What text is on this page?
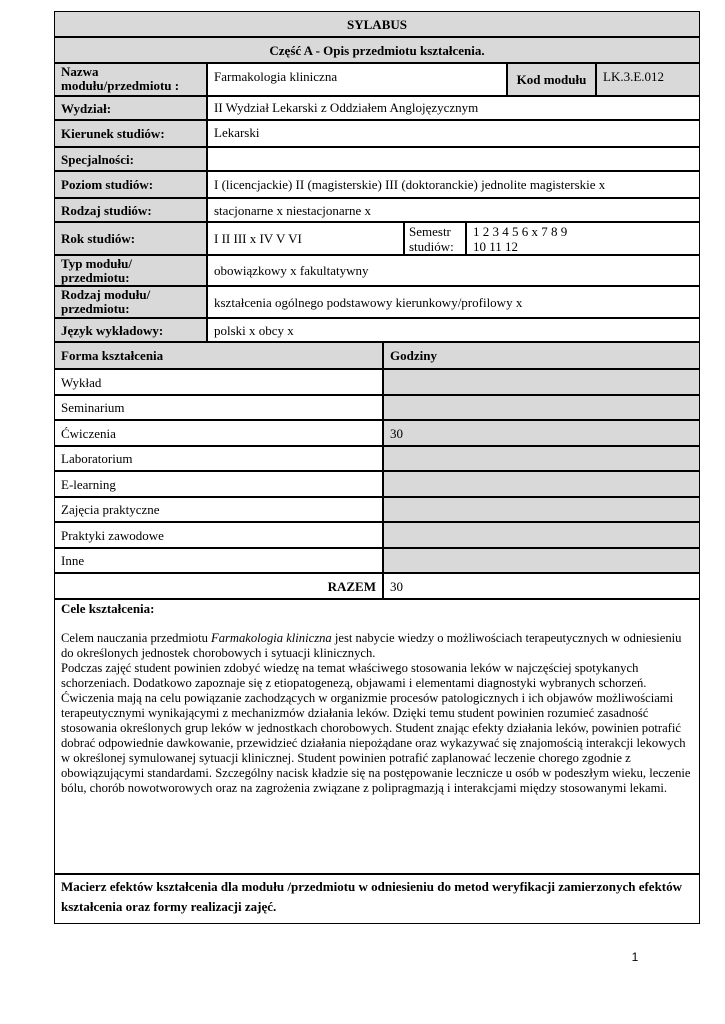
SYLABUS
Część A - Opis przedmiotu kształcenia.
Nazwa modułu/przedmiotu :
Farmakologia kliniczna	Kod modułu	LK.3.E.012
Wydział:	II Wydział Lekarski z Oddziałem Anglojęzycznym
Kierunek studiów:	Lekarski
Specjalności:
Poziom studiów:	I (licencjackie) II (magisterskie) III (doktoranckie) jednolite magisterskie x
Rodzaj studiów:	stacjonarne x niestacjonarne x
Rok studiów:	I II III x IV V VI	Semestr studiów:
1 2 3 4 5 6 x 7 8 9
10 11 12
Typ modułu/ przedmiotu:	obowiązkowy x fakultatywny
Rodzaj modułu/ przedmiotu:	kształcenia ogólnego podstawowy kierunkowy/profilowy x
Język wykładowy:	polski x obcy x
Forma kształcenia	Godziny
Wykład
Seminarium
Ćwiczenia	30
Laboratorium
E-learning
Zajęcia praktyczne
Praktyki zawodowe
Inne
RAZEM	30

Cele kształcenia:

Celem nauczania przedmiotu Farmakologia kliniczna jest nabycie wiedzy o możliwościach terapeutycznych w odniesieniu do określonych jednostek chorobowych i sytuacji klinicznych.

Podczas zajęć student powinien zdobyć wiedzę na temat właściwego stosowania leków w najczęściej spotykanych schorzeniach. Dodatkowo zapoznaje się z etiopatogenezą, objawami i elementami diagnostyki wybranych schorzeń. Ćwiczenia mają na celu powiązanie zachodzących w organizmie procesów patologicznych i ich objawów możliwościami terapeutycznymi wynikającymi z mechanizmów działania leków. Dzięki temu student powinien rozumieć zasadność stosowania określonych grup leków w jednostkach chorobowych. Student znając efekty działania leków, powinien potrafić dobrać odpowiednie dawkowanie, przewidzieć działania niepożądane oraz wykazywać się znajomością interakcji lekowych w określonej symulowanej sytuacji klinicznej. Student powinien potrafić zaplanować leczenie chorego zgodnie z obowiązującymi standardami. Szczególny nacisk kładzie się na postępowanie lecznicze u osób w podeszłym wieku, leczenie bólu, chorób nowotworowych oraz na zagrożenia związane z polipragmazją i interakcjami między stosowanymi lekami.

Macierz efektów kształcenia dla modułu /przedmiotu w odniesieniu do metod weryfikacji zamierzonych efektów kształcenia oraz formy realizacji zajęć.
1
